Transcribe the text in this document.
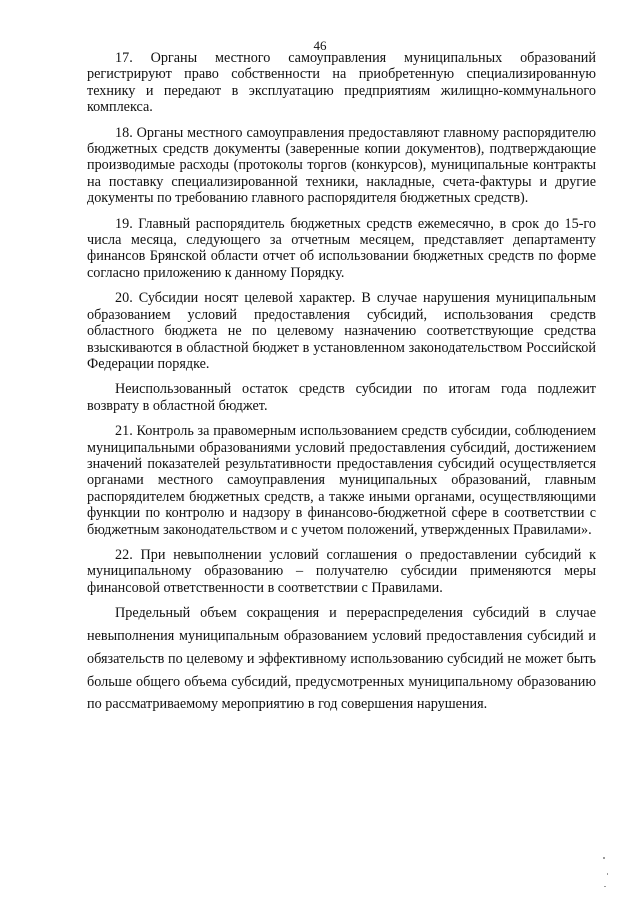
46

17. Органы местного самоуправления муниципальных образований регистрируют право собственности на приобретенную специализированную технику и передают в эксплуатацию предприятиям жилищно-коммунального комплекса.

18. Органы местного самоуправления предоставляют главному распорядителю бюджетных средств документы (заверенные копии документов), подтверждающие производимые расходы (протоколы торгов (конкурсов), муниципальные контракты на поставку специализированной техники, накладные, счета-фактуры и другие документы по требованию главного распорядителя бюджетных средств).

19. Главный распорядитель бюджетных средств ежемесячно, в срок до 15-го числа месяца, следующего за отчетным месяцем, представляет департаменту финансов Брянской области отчет об использовании бюджетных средств по форме согласно приложению к данному Порядку.

20. Субсидии носят целевой характер. В случае нарушения муниципальным образованием условий предоставления субсидий, использования средств областного бюджета не по целевому назначению соответствующие средства взыскиваются в областной бюджет в установленном законодательством Российской Федерации порядке.

Неиспользованный остаток средств субсидии по итогам года подлежит возврату в областной бюджет.

21. Контроль за правомерным использованием средств субсидии, соблюдением муниципальными образованиями условий предоставления субсидий, достижением значений показателей результативности предоставления субсидий осуществляется органами местного самоуправления муниципальных образований, главным распорядителем бюджетных средств, а также иными органами, осуществляющими функции по контролю и надзору в финансово-бюджетной сфере в соответствии с бюджетным законодательством и с учетом положений, утвержденных Правилами».

22. При невыполнении условий соглашения о предоставлении субсидий к муниципальному образованию – получателю субсидии применяются меры финансовой ответственности в соответствии с Правилами.

Предельный объем сокращения и перераспределения субсидий в случае невыполнения муниципальным образованием условий предоставления субсидий и обязательств по целевому и эффективному использованию субсидий не может быть больше общего объема субсидий, предусмотренных муниципальному образованию по рассматриваемому мероприятию в год совершения нарушения.
